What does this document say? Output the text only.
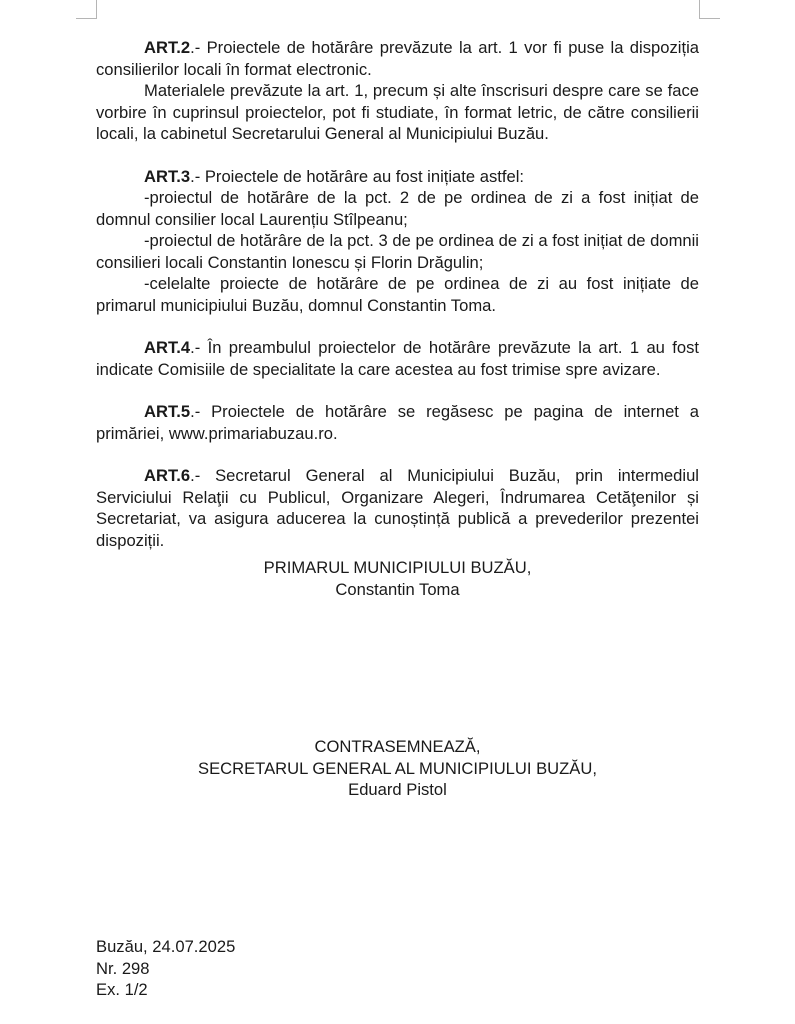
ART.2.- Proiectele de hotărâre prevăzute la art. 1 vor fi puse la dispoziția consilierilor locali în format electronic.

Materialele prevăzute la art. 1, precum și alte înscrisuri despre care se face vorbire în cuprinsul proiectelor, pot fi studiate, în format letric, de către consilierii locali, la cabinetul Secretarului General al Municipiului Buzău.

ART.3.- Proiectele de hotărâre au fost inițiate astfel:

-proiectul de hotărâre de la pct. 2 de pe ordinea de zi a fost inițiat de domnul consilier local Laurențiu Stîlpeanu;

-proiectul de hotărâre de la pct. 3 de pe ordinea de zi a fost inițiat de domnii consilieri locali Constantin Ionescu și Florin Drăgulin;

-celelalte proiecte de hotărâre de pe ordinea de zi au fost inițiate de primarul municipiului Buzău, domnul Constantin Toma.

ART.4.- În preambulul proiectelor de hotărâre prevăzute la art. 1 au fost indicate Comisiile de specialitate la care acestea au fost trimise spre avizare.

ART.5.- Proiectele de hotărâre se regăsesc pe pagina de internet a primăriei, www.primariabuzau.ro.

ART.6.- Secretarul General al Municipiului Buzău, prin intermediul Serviciului Relaţii cu Publicul, Organizare Alegeri, Îndrumarea Cetăţenilor și Secretariat, va asigura aducerea la cunoștință publică a prevederilor prezentei dispoziții.

PRIMARUL MUNICIPIULUI BUZĂU,
Constantin Toma
CONTRASEMNEAZĂ,
SECRETARUL GENERAL AL MUNICIPIULUI BUZĂU,
Eduard Pistol
Buzău, 24.07.2025
Nr. 298
Ex. 1/2
